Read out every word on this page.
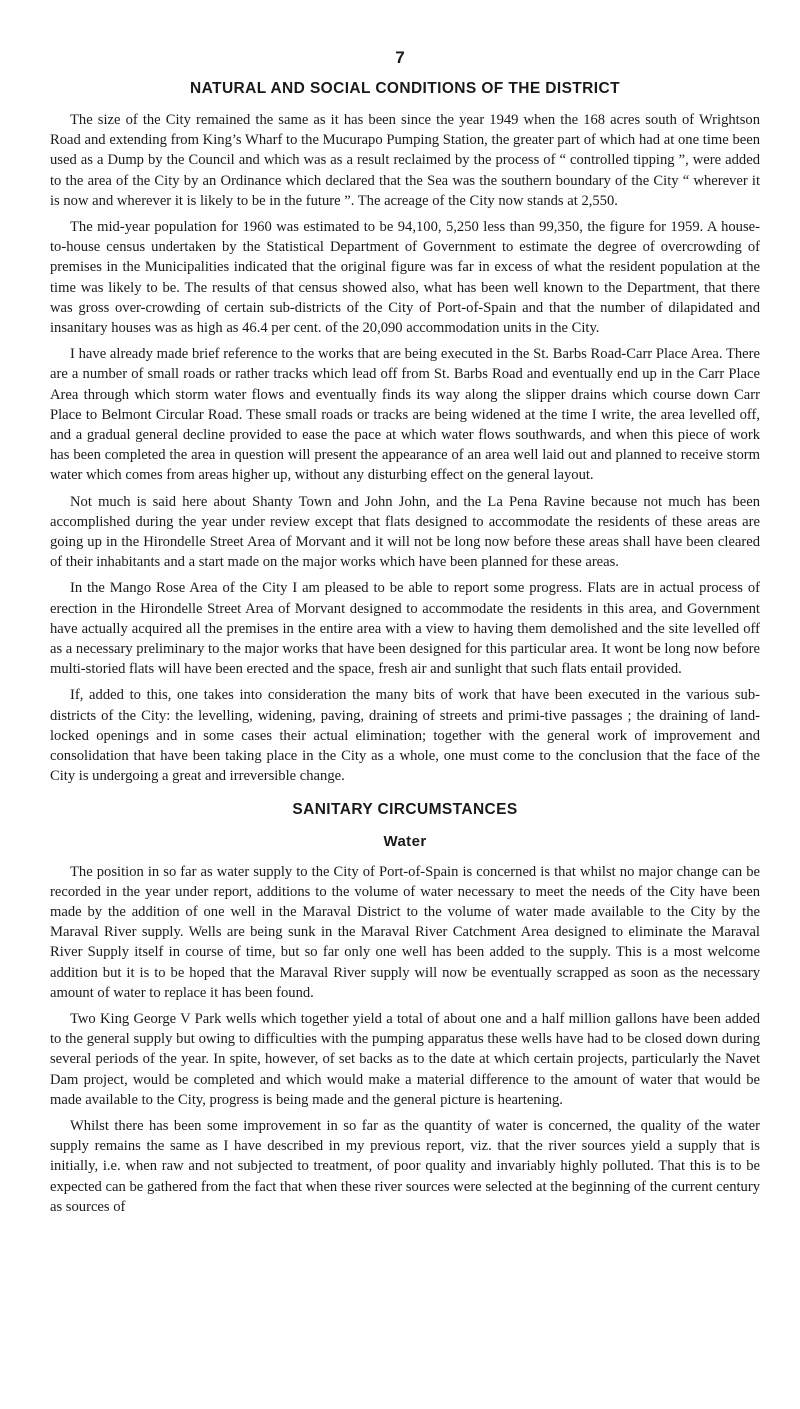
7
NATURAL AND SOCIAL CONDITIONS OF THE DISTRICT

The size of the City remained the same as it has been since the year 1949 when the 168 acres south of Wrightson Road and extending from King’s Wharf to the Mucurapo Pumping Station, the greater part of which had at one time been used as a Dump by the Council and which was as a result reclaimed by the process of “ controlled tipping ”, were added to the area of the City by an Ordinance which declared that the Sea was the southern boundary of the City “ wherever it is now and wherever it is likely to be in the future ”. The acreage of the City now stands at 2,550.

The mid-year population for 1960 was estimated to be 94,100, 5,250 less than 99,350, the figure for 1959. A house-to-house census undertaken by the Statistical Department of Government to estimate the degree of overcrowding of premises in the Municipalities indicated that the original figure was far in excess of what the resident population at the time was likely to be. The results of that census showed also, what has been well known to the Department, that there was gross over-crowding of certain sub-districts of the City of Port-of-Spain and that the number of dilapidated and insanitary houses was as high as 46.4 per cent. of the 20,090 accommodation units in the City.

I have already made brief reference to the works that are being executed in the St. Barbs Road-Carr Place Area. There are a number of small roads or rather tracks which lead off from St. Barbs Road and eventually end up in the Carr Place Area through which storm water flows and eventually finds its way along the slipper drains which course down Carr Place to Belmont Circular Road. These small roads or tracks are being widened at the time I write, the area levelled off, and a gradual general decline provided to ease the pace at which water flows southwards, and when this piece of work has been completed the area in question will present the appearance of an area well laid out and planned to receive storm water which comes from areas higher up, without any disturbing effect on the general layout.

Not much is said here about Shanty Town and John John, and the La Pena Ravine because not much has been accomplished during the year under review except that flats designed to accommodate the residents of these areas are going up in the Hirondelle Street Area of Morvant and it will not be long now before these areas shall have been cleared of their inhabitants and a start made on the major works which have been planned for these areas.

In the Mango Rose Area of the City I am pleased to be able to report some progress. Flats are in actual process of erection in the Hirondelle Street Area of Morvant designed to accommodate the residents in this area, and Government have actually acquired all the premises in the entire area with a view to having them demolished and the site levelled off as a necessary preliminary to the major works that have been designed for this particular area. It wont be long now before multi-storied flats will have been erected and the space, fresh air and sunlight that such flats entail provided.

If, added to this, one takes into consideration the many bits of work that have been executed in the various sub-districts of the City: the levelling, widening, paving, draining of streets and primi-tive passages ; the draining of land-locked openings and in some cases their actual elimination; together with the general work of improvement and consolidation that have been taking place in the City as a whole, one must come to the conclusion that the face of the City is undergoing a great and irreversible change.

SANITARY CIRCUMSTANCES
Water

The position in so far as water supply to the City of Port-of-Spain is concerned is that whilst no major change can be recorded in the year under report, additions to the volume of water necessary to meet the needs of the City have been made by the addition of one well in the Maraval District to the volume of water made available to the City by the Maraval River supply. Wells are being sunk in the Maraval River Catchment Area designed to eliminate the Maraval River Supply itself in course of time, but so far only one well has been added to the supply. This is a most welcome addition but it is to be hoped that the Maraval River supply will now be eventually scrapped as soon as the necessary amount of water to replace it has been found.

Two King George V Park wells which together yield a total of about one and a half million gallons have been added to the general supply but owing to difficulties with the pumping apparatus these wells have had to be closed down during several periods of the year. In spite, however, of set backs as to the date at which certain projects, particularly the Navet Dam project, would be completed and which would make a material difference to the amount of water that would be made available to the City, progress is being made and the general picture is heartening.

Whilst there has been some improvement in so far as the quantity of water is concerned, the quality of the water supply remains the same as I have described in my previous report, viz. that the river sources yield a supply that is initially, i.e. when raw and not subjected to treatment, of poor quality and invariably highly polluted. That this is to be expected can be gathered from the fact that when these river sources were selected at the beginning of the current century as sources of
